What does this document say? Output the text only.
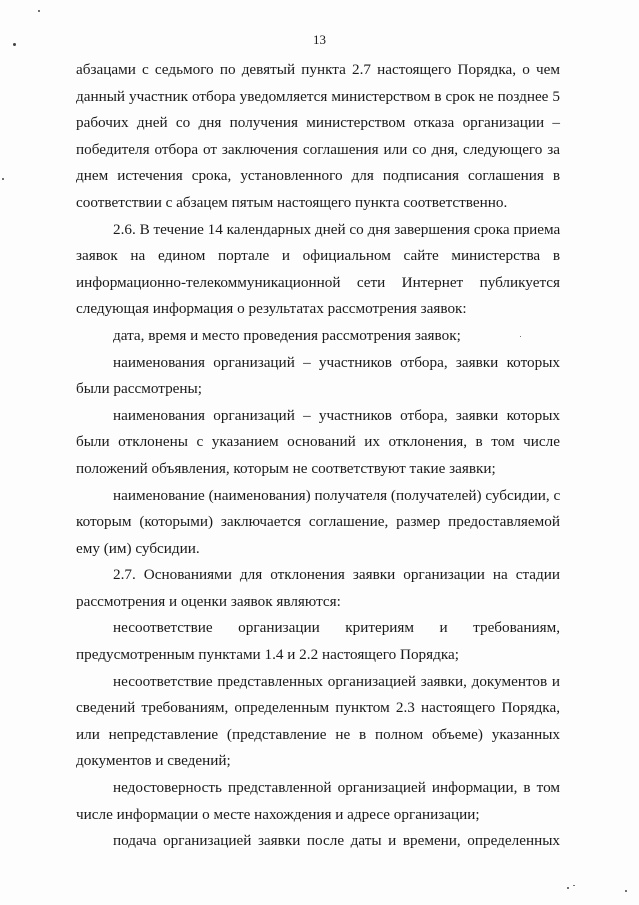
13
абзацами с седьмого по девятый пункта 2.7 настоящего Порядка, о чем
данный участник отбора уведомляется министерством в срок не позднее 5
рабочих дней со дня получения министерством отказа организации –
победителя отбора от заключения соглашения или со дня, следующего за
днем истечения срока, установленного для подписания соглашения в
соответствии с абзацем пятым настоящего пункта соответственно.
2.6. В течение 14 календарных дней со дня завершения срока приема
заявок на едином портале и официальном сайте министерства в
информационно-телекоммуникационной сети Интернет публикуется
следующая информация о результатах рассмотрения заявок:
дата, время и место проведения рассмотрения заявок;
наименования организаций – участников отбора, заявки которых
были рассмотрены;
наименования организаций – участников отбора, заявки которых
были отклонены с указанием оснований их отклонения, в том числе
положений объявления, которым не соответствуют такие заявки;
наименование (наименования) получателя (получателей) субсидии, с
которым (которыми) заключается соглашение, размер предоставляемой
ему (им) субсидии.
2.7. Основаниями для отклонения заявки организации на стадии
рассмотрения и оценки заявок являются:
несоответствие организации критериям и требованиям,
предусмотренным пунктами 1.4 и 2.2 настоящего Порядка;
несоответствие представленных организацией заявки, документов и
сведений требованиям, определенным пунктом 2.3 настоящего Порядка,
или непредставление (представление не в полном объеме) указанных
документов и сведений;
недостоверность представленной организацией информации, в том
числе информации о месте нахождения и адресе организации;
подача организацией заявки после даты и времени, определенных
